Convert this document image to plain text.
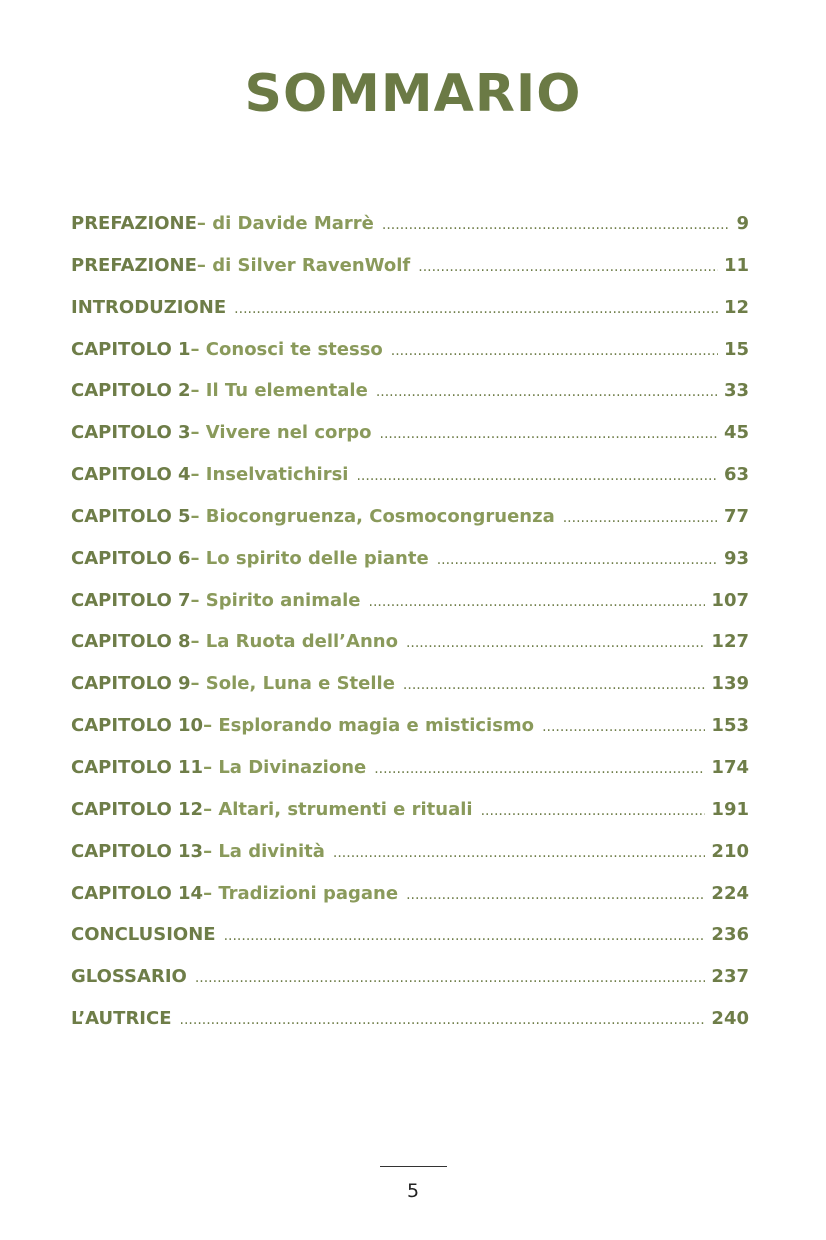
SOMMARIO
PREFAZIONE – di Davide Marrè .....	9
PREFAZIONE – di Silver RavenWolf .....	11
INTRODUZIONE .....	12
CAPITOLO 1 – Conosci te stesso .....	15
CAPITOLO 2 – Il Tu elementale .....	33
CAPITOLO 3 – Vivere nel corpo .....	45
CAPITOLO 4 – Inselvatichirsi .....	63
CAPITOLO 5 – Biocongruenza, Cosmocongruenza .....	77
CAPITOLO 6 – Lo spirito delle piante .....	93
CAPITOLO 7 – Spirito animale .....	107
CAPITOLO 8 – La Ruota dell’Anno .....	127
CAPITOLO 9 – Sole, Luna e Stelle .....	139
CAPITOLO 10 – Esplorando magia e misticismo .....	153
CAPITOLO 11 – La Divinazione .....	174
CAPITOLO 12 – Altari, strumenti e rituali .....	191
CAPITOLO 13 – La divinità .....	210
CAPITOLO 14 – Tradizioni pagane .....	224
CONCLUSIONE .....	236
GLOSSARIO .....	237
L’AUTRICE .....	240
5
